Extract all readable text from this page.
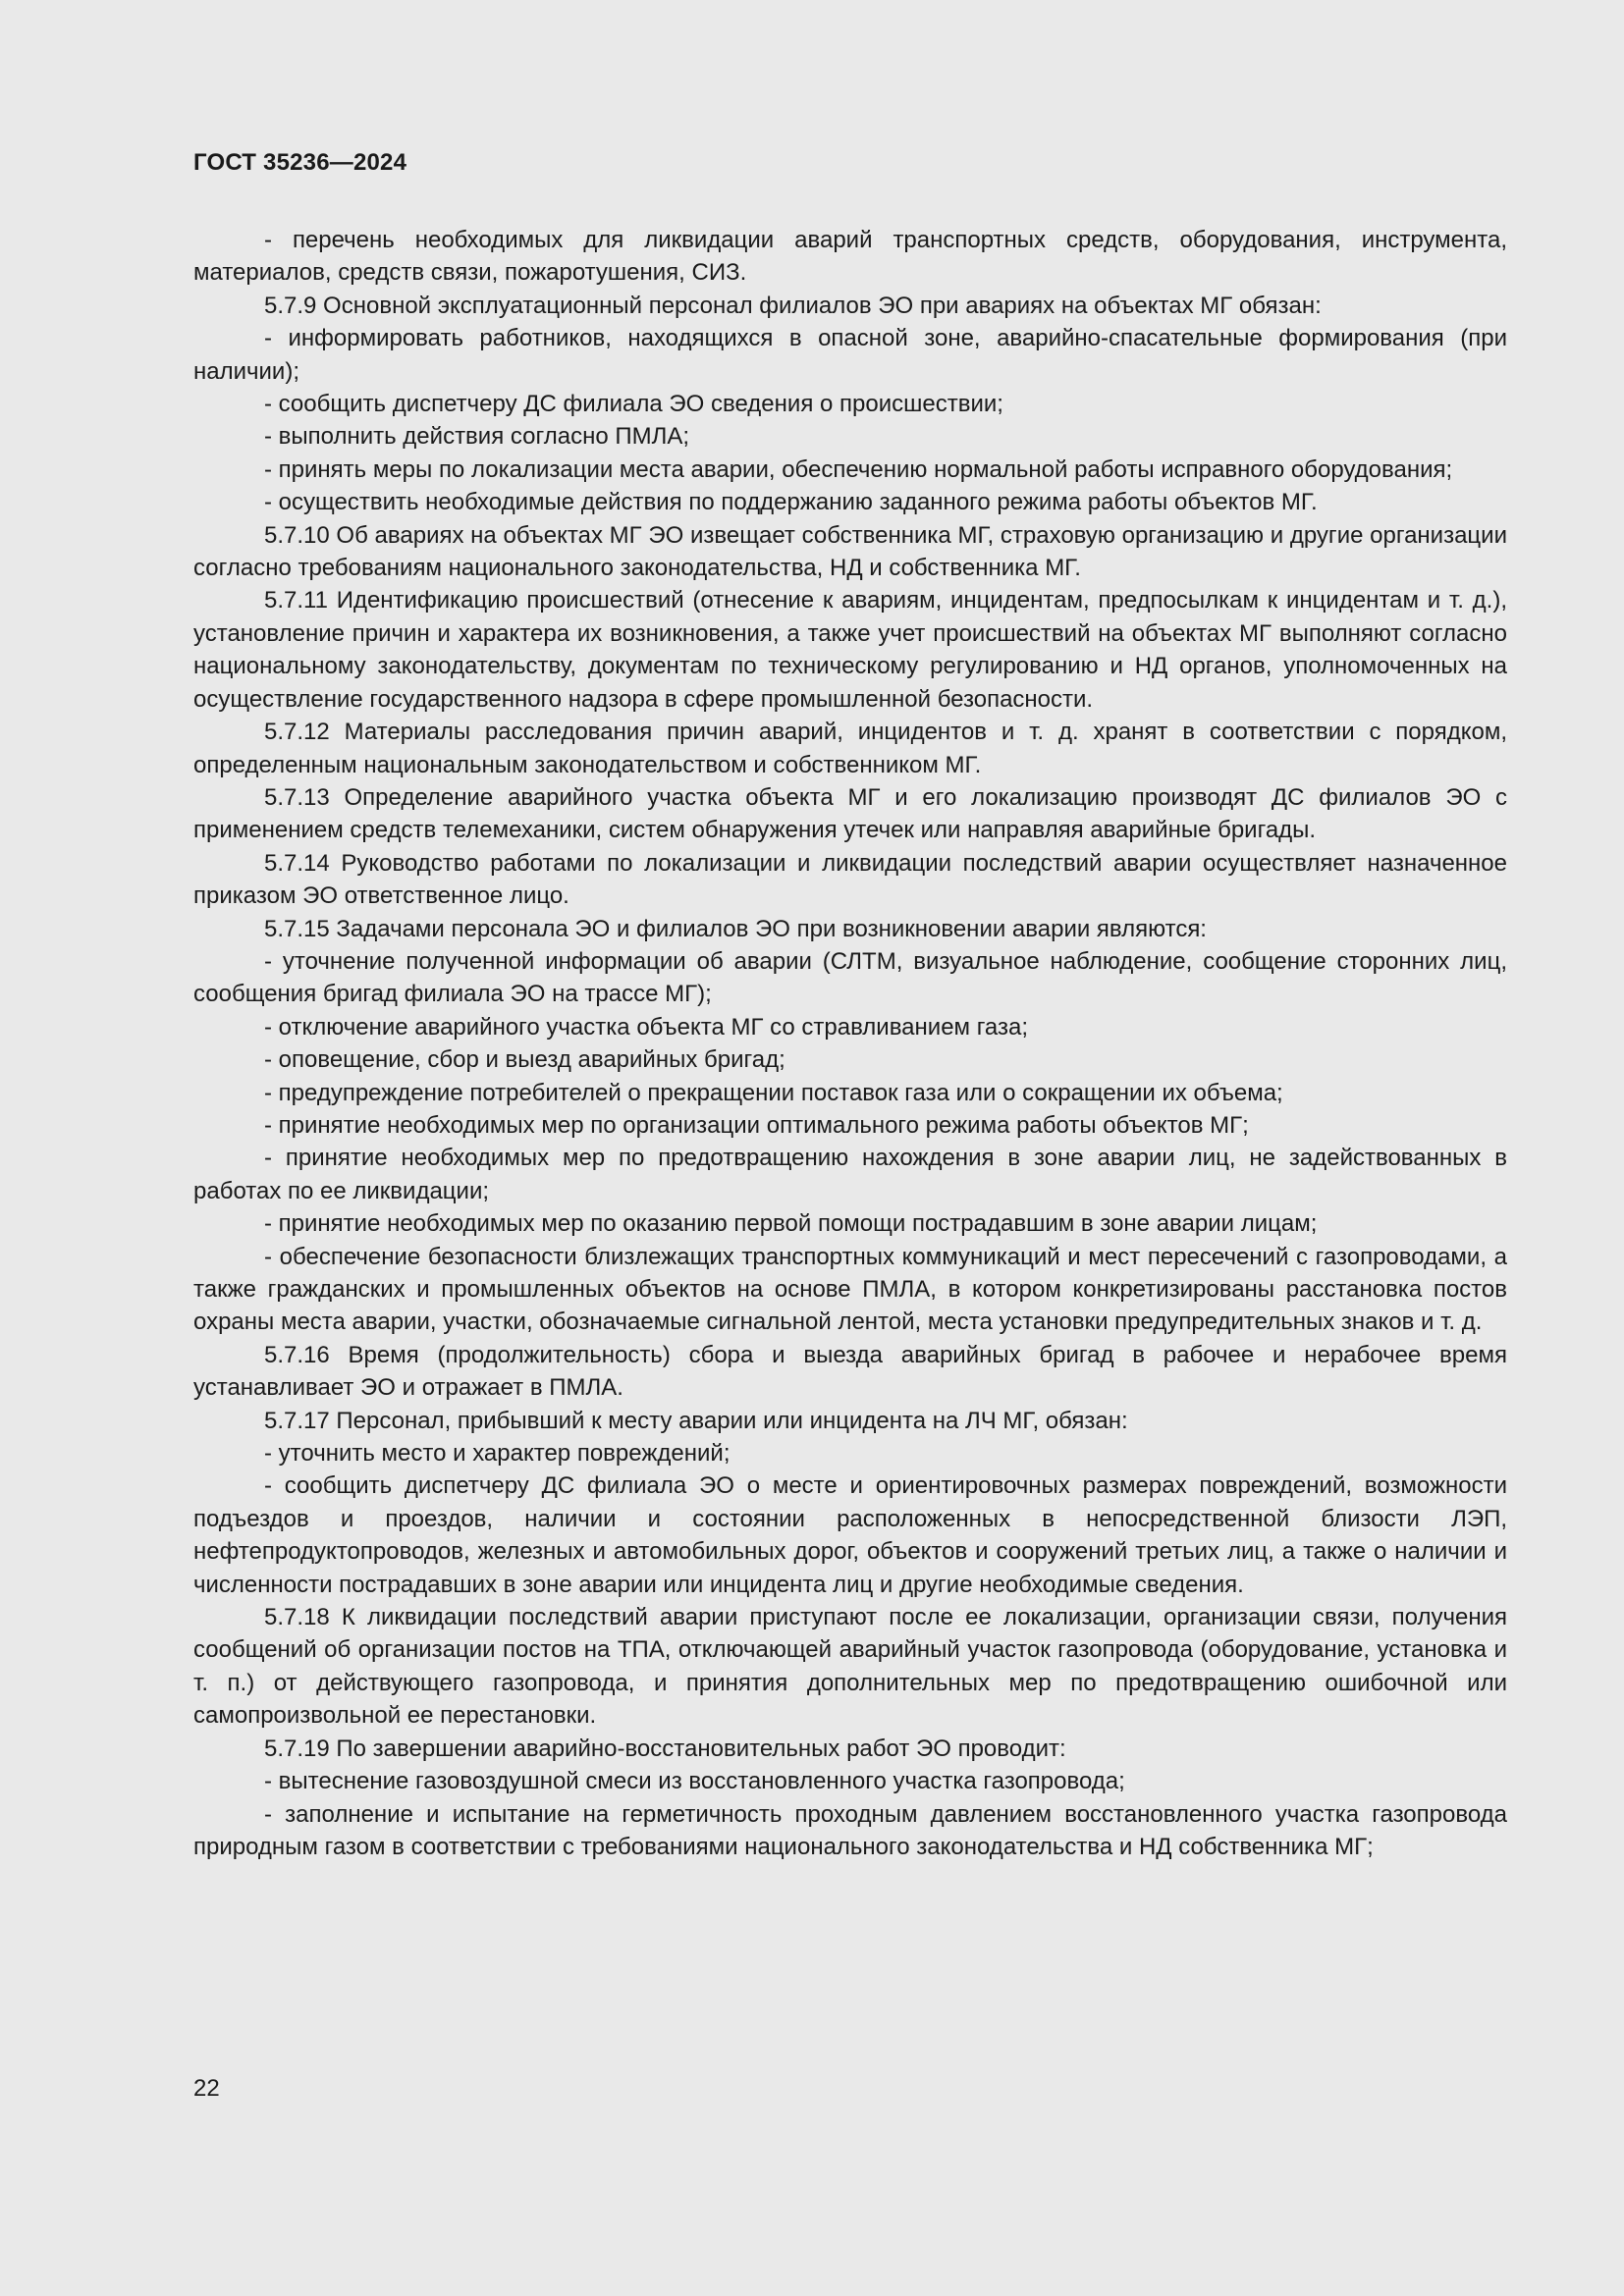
ГОСТ 35236—2024

- перечень необходимых для ликвидации аварий транспортных средств, оборудования, инструмента, материалов, средств связи, пожаротушения, СИЗ.

5.7.9 Основной эксплуатационный персонал филиалов ЭО при авариях на объектах МГ обязан:

- информировать работников, находящихся в опасной зоне, аварийно-спасательные формирования (при наличии);

- сообщить диспетчеру ДС филиала ЭО сведения о происшествии;

- выполнить действия согласно ПМЛА;

- принять меры по локализации места аварии, обеспечению нормальной работы исправного оборудования;

- осуществить необходимые действия по поддержанию заданного режима работы объектов МГ.

5.7.10 Об авариях на объектах МГ ЭО извещает собственника МГ, страховую организацию и другие организации согласно требованиям национального законодательства, НД и собственника МГ.

5.7.11 Идентификацию происшествий (отнесение к авариям, инцидентам, предпосылкам к инцидентам и т. д.), установление причин и характера их возникновения, а также учет происшествий на объектах МГ выполняют согласно национальному законодательству, документам по техническому регулированию и НД органов, уполномоченных на осуществление государственного надзора в сфере промышленной безопасности.

5.7.12 Материалы расследования причин аварий, инцидентов и т. д. хранят в соответствии с порядком, определенным национальным законодательством и собственником МГ.

5.7.13 Определение аварийного участка объекта МГ и его локализацию производят ДС филиалов ЭО с применением средств телемеханики, систем обнаружения утечек или направляя аварийные бригады.

5.7.14 Руководство работами по локализации и ликвидации последствий аварии осуществляет назначенное приказом ЭО ответственное лицо.

5.7.15 Задачами персонала ЭО и филиалов ЭО при возникновении аварии являются:

- уточнение полученной информации об аварии (СЛТМ, визуальное наблюдение, сообщение сторонних лиц, сообщения бригад филиала ЭО на трассе МГ);

- отключение аварийного участка объекта МГ со стравливанием газа;

- оповещение, сбор и выезд аварийных бригад;

- предупреждение потребителей о прекращении поставок газа или о сокращении их объема;

- принятие необходимых мер по организации оптимального режима работы объектов МГ;

- принятие необходимых мер по предотвращению нахождения в зоне аварии лиц, не задействованных в работах по ее ликвидации;

- принятие необходимых мер по оказанию первой помощи пострадавшим в зоне аварии лицам;

- обеспечение безопасности близлежащих транспортных коммуникаций и мест пересечений с газопроводами, а также гражданских и промышленных объектов на основе ПМЛА, в котором конкретизированы расстановка постов охраны места аварии, участки, обозначаемые сигнальной лентой, места установки предупредительных знаков и т. д.

5.7.16 Время (продолжительность) сбора и выезда аварийных бригад в рабочее и нерабочее время устанавливает ЭО и отражает в ПМЛА.

5.7.17 Персонал, прибывший к месту аварии или инцидента на ЛЧ МГ, обязан:

- уточнить место и характер повреждений;

- сообщить диспетчеру ДС филиала ЭО о месте и ориентировочных размерах повреждений, возможности подъездов и проездов, наличии и состоянии расположенных в непосредственной близости ЛЭП, нефтепродуктопроводов, железных и автомобильных дорог, объектов и сооружений третьих лиц, а также о наличии и численности пострадавших в зоне аварии или инцидента лиц и другие необходимые сведения.

5.7.18 К ликвидации последствий аварии приступают после ее локализации, организации связи, получения сообщений об организации постов на ТПА, отключающей аварийный участок газопровода (оборудование, установка и т. п.) от действующего газопровода, и принятия дополнительных мер по предотвращению ошибочной или самопроизвольной ее перестановки.

5.7.19 По завершении аварийно-восстановительных работ ЭО проводит:

- вытеснение газовоздушной смеси из восстановленного участка газопровода;

- заполнение и испытание на герметичность проходным давлением восстановленного участка газопровода природным газом в соответствии с требованиями национального законодательства и НД собственника МГ;

22
